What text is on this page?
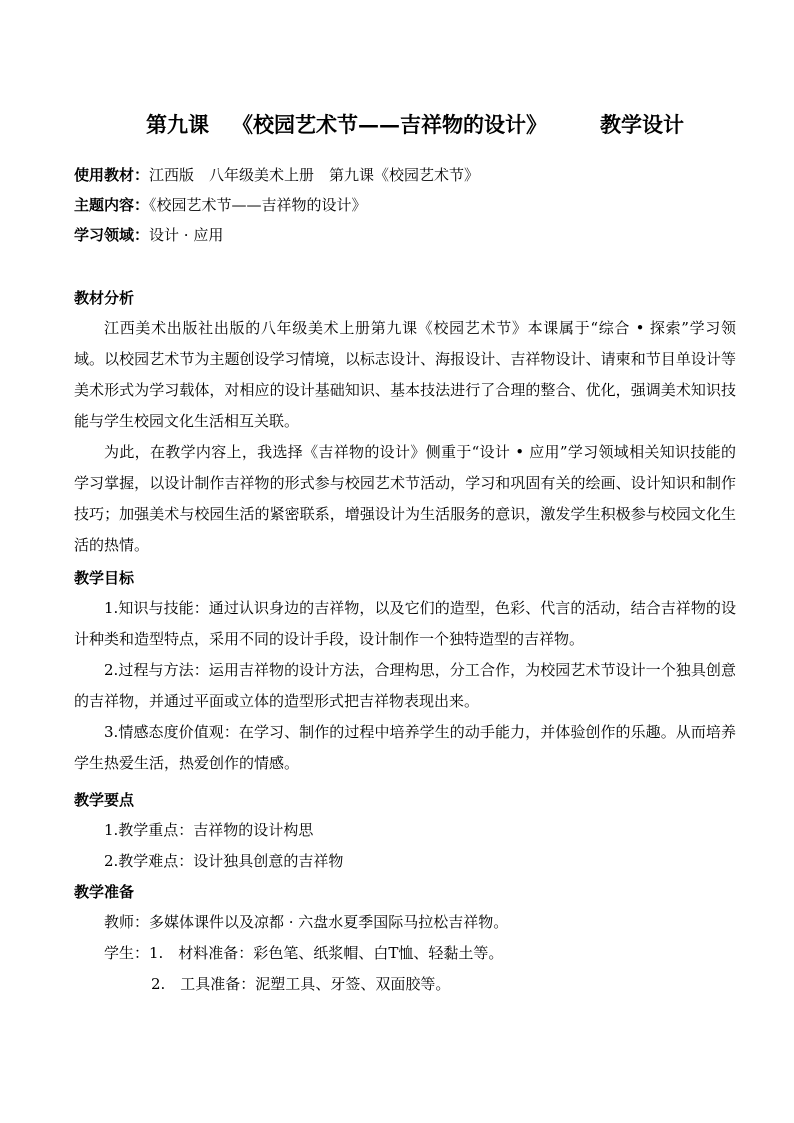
第九课 《校园艺术节——吉祥物的设计》	教学设计
使用教材：江西版　八年级美术上册　第九课《校园艺术节》
主题内容：《校园艺术节——吉祥物的设计》
学习领域：设计 · 应用
教材分析

江西美术出版社出版的八年级美术上册第九课《校园艺术节》本课属于“综合 • 探索”学习领域。以校园艺术节为主题创设学习情境，以标志设计、海报设计、吉祥物设计、请柬和节目单设计等美术形式为学习载体，对相应的设计基础知识、基本技法进行了合理的整合、优化，强调美术知识技能与学生校园文化生活相互关联。

为此，在教学内容上，我选择《吉祥物的设计》侧重于“设计 • 应用”学习领域相关知识技能的学习掌握，以设计制作吉祥物的形式参与校园艺术节活动，学习和巩固有关的绘画、设计知识和制作技巧；加强美术与校园生活的紧密联系，增强设计为生活服务的意识，激发学生积极参与校园文化生活的热情。

教学目标

1.知识与技能：通过认识身边的吉祥物，以及它们的造型，色彩、代言的活动，结合吉祥物的设计种类和造型特点，采用不同的设计手段，设计制作一个独特造型的吉祥物。

2.过程与方法：运用吉祥物的设计方法，合理构思，分工合作，为校园艺术节设计一个独具创意的吉祥物，并通过平面或立体的造型形式把吉祥物表现出来。

3.情感态度价值观：在学习、制作的过程中培养学生的动手能力，并体验创作的乐趣。从而培养学生热爱生活，热爱创作的情感。

教学要点
1.教学重点：吉祥物的设计构思
2.教学难点：设计独具创意的吉祥物
教学准备
教师：多媒体课件以及凉都 · 六盘水夏季国际马拉松吉祥物。
学生：1.　材料准备：彩色笔、纸浆帽、白T恤、轻黏土等。
2.　工具准备：泥塑工具、牙签、双面胶等。
